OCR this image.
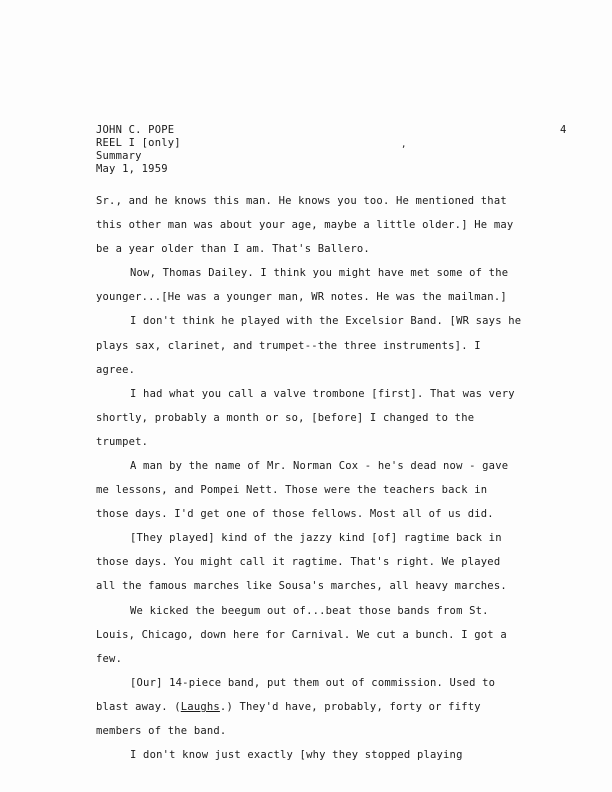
JOHN C. POPE
REEL I [only]
Summary
May 1, 1959
4
,
Sr., and he knows this man. He knows you too. He mentioned that
this other man was about your age, maybe a little older.] He may
be a year older than I am. That's Ballero.
Now, Thomas Dailey. I think you might have met some of the
younger...[He was a younger man, WR notes. He was the mailman.]
I don't think he played with the Excelsior Band. [WR says he
plays sax, clarinet, and trumpet--the three instruments]. I
agree.
I had what you call a valve trombone [first]. That was very
shortly, probably a month or so, [before] I changed to the
trumpet.
A man by the name of Mr. Norman Cox - he's dead now - gave
me lessons, and Pompei Nett. Those were the teachers back in
those days. I'd get one of those fellows. Most all of us did.
[They played] kind of the jazzy kind [of] ragtime back in
those days. You might call it ragtime. That's right. We played
all the famous marches like Sousa's marches, all heavy marches.
We kicked the beegum out of...beat those bands from St.
Louis, Chicago, down here for Carnival. We cut a bunch. I got a
few.
[Our] 14-piece band, put them out of commission. Used to
blast away. (Laughs.) They'd have, probably, forty or fifty
members of the band.
I don't know just exactly [why they stopped playing
